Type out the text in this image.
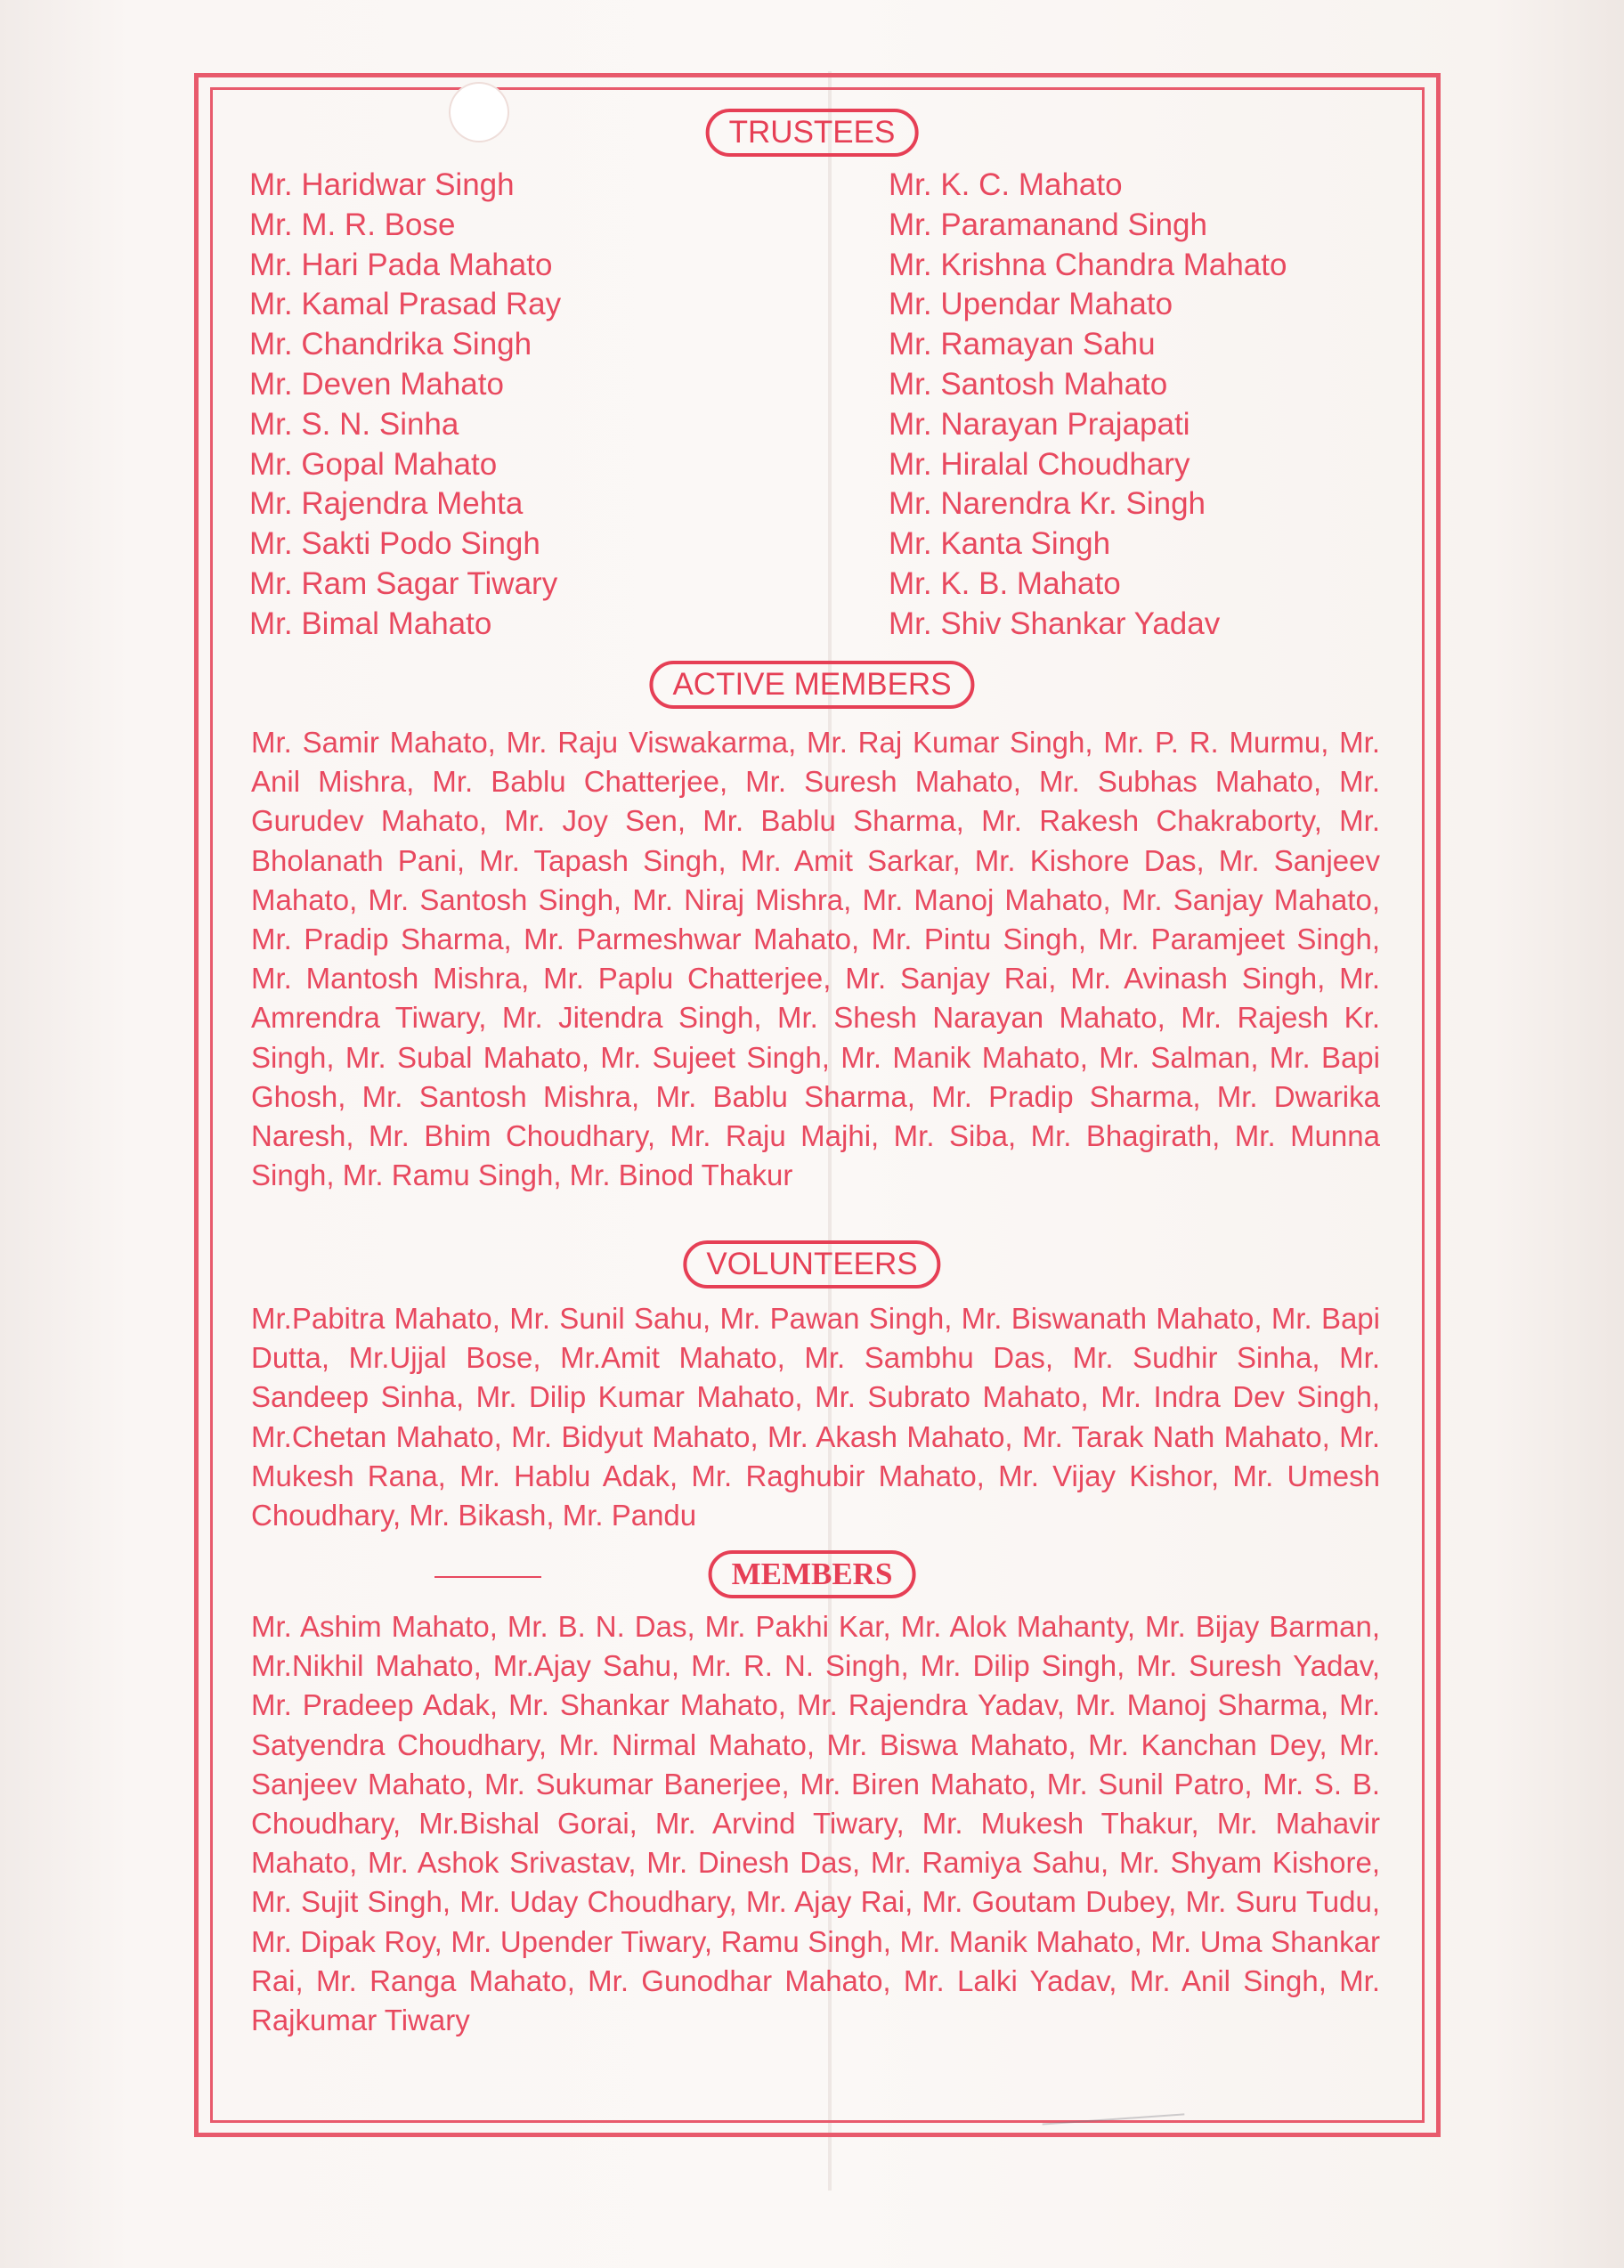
TRUSTEES
Mr. Haridwar Singh
Mr. M. R. Bose
Mr. Hari Pada Mahato
Mr. Kamal Prasad Ray
Mr. Chandrika Singh
Mr. Deven Mahato
Mr. S. N. Sinha
Mr. Gopal Mahato
Mr. Rajendra Mehta
Mr. Sakti Podo Singh
Mr. Ram Sagar Tiwary
Mr. Bimal Mahato
Mr. K. C. Mahato
Mr. Paramanand Singh
Mr. Krishna Chandra Mahato
Mr. Upendar Mahato
Mr. Ramayan Sahu
Mr. Santosh Mahato
Mr. Narayan Prajapati
Mr. Hiralal Choudhary
Mr. Narendra Kr. Singh
Mr. Kanta Singh
Mr. K. B. Mahato
Mr. Shiv Shankar Yadav
ACTIVE MEMBERS

Mr. Samir Mahato, Mr. Raju Viswakarma, Mr. Raj Kumar Singh, Mr. P. R. Murmu, Mr. Anil Mishra, Mr. Bablu Chatterjee, Mr. Suresh Mahato, Mr. Subhas Mahato, Mr. Gurudev Mahato, Mr. Joy Sen, Mr. Bablu Sharma, Mr. Rakesh Chakraborty, Mr. Bholanath Pani, Mr. Tapash Singh, Mr. Amit Sarkar, Mr. Kishore Das, Mr. Sanjeev Mahato, Mr. Santosh Singh, Mr. Niraj Mishra, Mr. Manoj Mahato, Mr. Sanjay Mahato, Mr. Pradip Sharma, Mr. Parmeshwar Mahato, Mr. Pintu Singh, Mr. Paramjeet Singh, Mr. Mantosh Mishra, Mr. Paplu Chatterjee, Mr. Sanjay Rai, Mr. Avinash Singh, Mr. Amrendra Tiwary, Mr. Jitendra Singh, Mr. Shesh Narayan Mahato, Mr. Rajesh Kr. Singh, Mr. Subal Mahato, Mr. Sujeet Singh, Mr. Manik Mahato, Mr. Salman, Mr. Bapi Ghosh, Mr. Santosh Mishra, Mr. Bablu Sharma, Mr. Pradip Sharma, Mr. Dwarika Naresh, Mr. Bhim Choudhary, Mr. Raju Majhi, Mr. Siba, Mr. Bhagirath, Mr. Munna Singh, Mr. Ramu Singh, Mr. Binod Thakur

VOLUNTEERS

Mr.Pabitra Mahato, Mr. Sunil Sahu, Mr. Pawan Singh, Mr. Biswanath Mahato, Mr. Bapi Dutta, Mr.Ujjal Bose, Mr.Amit Mahato, Mr. Sambhu Das, Mr. Sudhir Sinha, Mr. Sandeep Sinha, Mr. Dilip Kumar Mahato, Mr. Subrato Mahato, Mr. Indra Dev Singh, Mr.Chetan Mahato, Mr. Bidyut Mahato, Mr. Akash Mahato, Mr. Tarak Nath Mahato, Mr. Mukesh Rana, Mr. Hablu Adak, Mr. Raghubir Mahato, Mr. Vijay Kishor, Mr. Umesh Choudhary, Mr. Bikash, Mr. Pandu

MEMBERS

Mr. Ashim Mahato, Mr. B. N. Das, Mr. Pakhi Kar, Mr. Alok Mahanty, Mr. Bijay Barman, Mr.Nikhil Mahato, Mr.Ajay Sahu, Mr. R. N. Singh, Mr. Dilip Singh, Mr. Suresh Yadav, Mr. Pradeep Adak, Mr. Shankar Mahato, Mr. Rajendra Yadav, Mr. Manoj Sharma, Mr. Satyendra Choudhary, Mr. Nirmal Mahato, Mr. Biswa Mahato, Mr. Kanchan Dey, Mr. Sanjeev Mahato, Mr. Sukumar Banerjee, Mr. Biren Mahato, Mr. Sunil Patro, Mr. S. B. Choudhary, Mr.Bishal Gorai, Mr. Arvind Tiwary, Mr. Mukesh Thakur, Mr. Mahavir Mahato, Mr. Ashok Srivastav, Mr. Dinesh Das, Mr. Ramiya Sahu, Mr. Shyam Kishore, Mr. Sujit Singh, Mr. Uday Choudhary, Mr. Ajay Rai, Mr. Goutam Dubey, Mr. Suru Tudu, Mr. Dipak Roy, Mr. Upender Tiwary, Ramu Singh, Mr. Manik Mahato, Mr. Uma Shankar Rai, Mr. Ranga Mahato, Mr. Gunodhar Mahato, Mr. Lalki Yadav, Mr. Anil Singh, Mr. Rajkumar Tiwary
